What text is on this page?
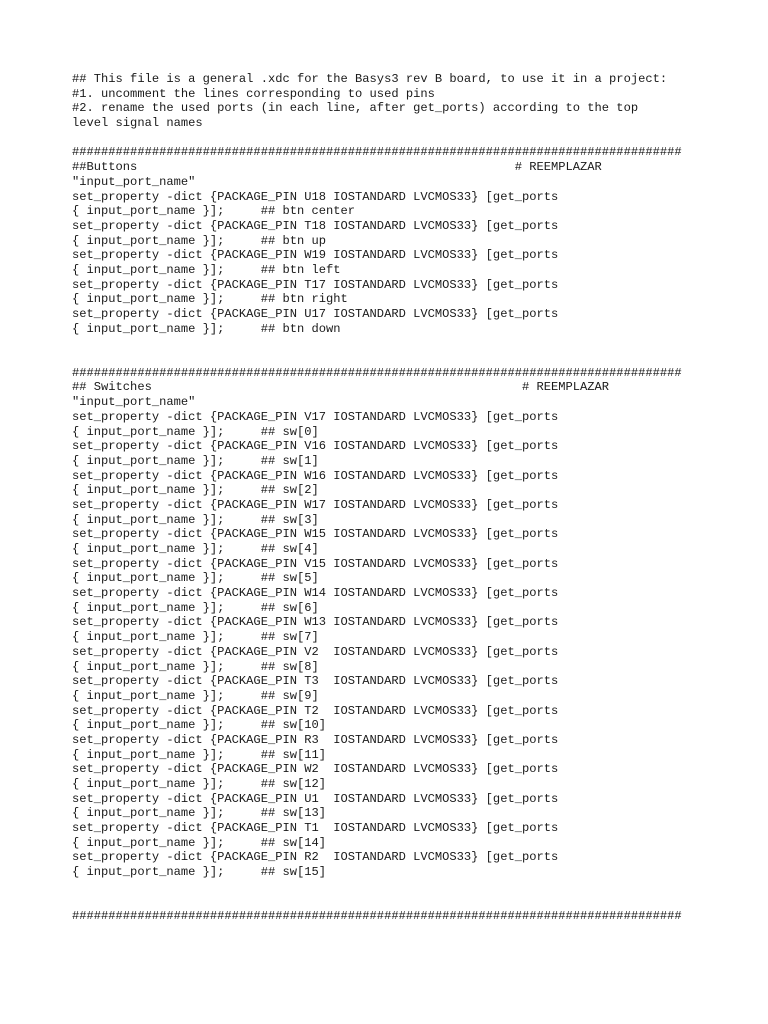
## This file is a general .xdc for the Basys3 rev B board, to use it in a project:
#1. uncomment the lines corresponding to used pins
#2. rename the used ports (in each line, after get_ports) according to the top
level signal names
####################################################################################
##Buttons                                                    # REEMPLAZAR
"input_port_name"
set_property -dict {PACKAGE_PIN U18 IOSTANDARD LVCMOS33} [get_ports
{ input_port_name }];     ## btn center
set_property -dict {PACKAGE_PIN T18 IOSTANDARD LVCMOS33} [get_ports
{ input_port_name }];     ## btn up
set_property -dict {PACKAGE_PIN W19 IOSTANDARD LVCMOS33} [get_ports
{ input_port_name }];     ## btn left
set_property -dict {PACKAGE_PIN T17 IOSTANDARD LVCMOS33} [get_ports
{ input_port_name }];     ## btn right
set_property -dict {PACKAGE_PIN U17 IOSTANDARD LVCMOS33} [get_ports
{ input_port_name }];     ## btn down
####################################################################################
## Switches                                                   # REEMPLAZAR
"input_port_name"
set_property -dict {PACKAGE_PIN V17 IOSTANDARD LVCMOS33} [get_ports
{ input_port_name }];     ## sw[0]
set_property -dict {PACKAGE_PIN V16 IOSTANDARD LVCMOS33} [get_ports
{ input_port_name }];     ## sw[1]
set_property -dict {PACKAGE_PIN W16 IOSTANDARD LVCMOS33} [get_ports
{ input_port_name }];     ## sw[2]
set_property -dict {PACKAGE_PIN W17 IOSTANDARD LVCMOS33} [get_ports
{ input_port_name }];     ## sw[3]
set_property -dict {PACKAGE_PIN W15 IOSTANDARD LVCMOS33} [get_ports
{ input_port_name }];     ## sw[4]
set_property -dict {PACKAGE_PIN V15 IOSTANDARD LVCMOS33} [get_ports
{ input_port_name }];     ## sw[5]
set_property -dict {PACKAGE_PIN W14 IOSTANDARD LVCMOS33} [get_ports
{ input_port_name }];     ## sw[6]
set_property -dict {PACKAGE_PIN W13 IOSTANDARD LVCMOS33} [get_ports
{ input_port_name }];     ## sw[7]
set_property -dict {PACKAGE_PIN V2  IOSTANDARD LVCMOS33} [get_ports
{ input_port_name }];     ## sw[8]
set_property -dict {PACKAGE_PIN T3  IOSTANDARD LVCMOS33} [get_ports
{ input_port_name }];     ## sw[9]
set_property -dict {PACKAGE_PIN T2  IOSTANDARD LVCMOS33} [get_ports
{ input_port_name }];     ## sw[10]
set_property -dict {PACKAGE_PIN R3  IOSTANDARD LVCMOS33} [get_ports
{ input_port_name }];     ## sw[11]
set_property -dict {PACKAGE_PIN W2  IOSTANDARD LVCMOS33} [get_ports
{ input_port_name }];     ## sw[12]
set_property -dict {PACKAGE_PIN U1  IOSTANDARD LVCMOS33} [get_ports
{ input_port_name }];     ## sw[13]
set_property -dict {PACKAGE_PIN T1  IOSTANDARD LVCMOS33} [get_ports
{ input_port_name }];     ## sw[14]
set_property -dict {PACKAGE_PIN R2  IOSTANDARD LVCMOS33} [get_ports
{ input_port_name }];     ## sw[15]
####################################################################################
